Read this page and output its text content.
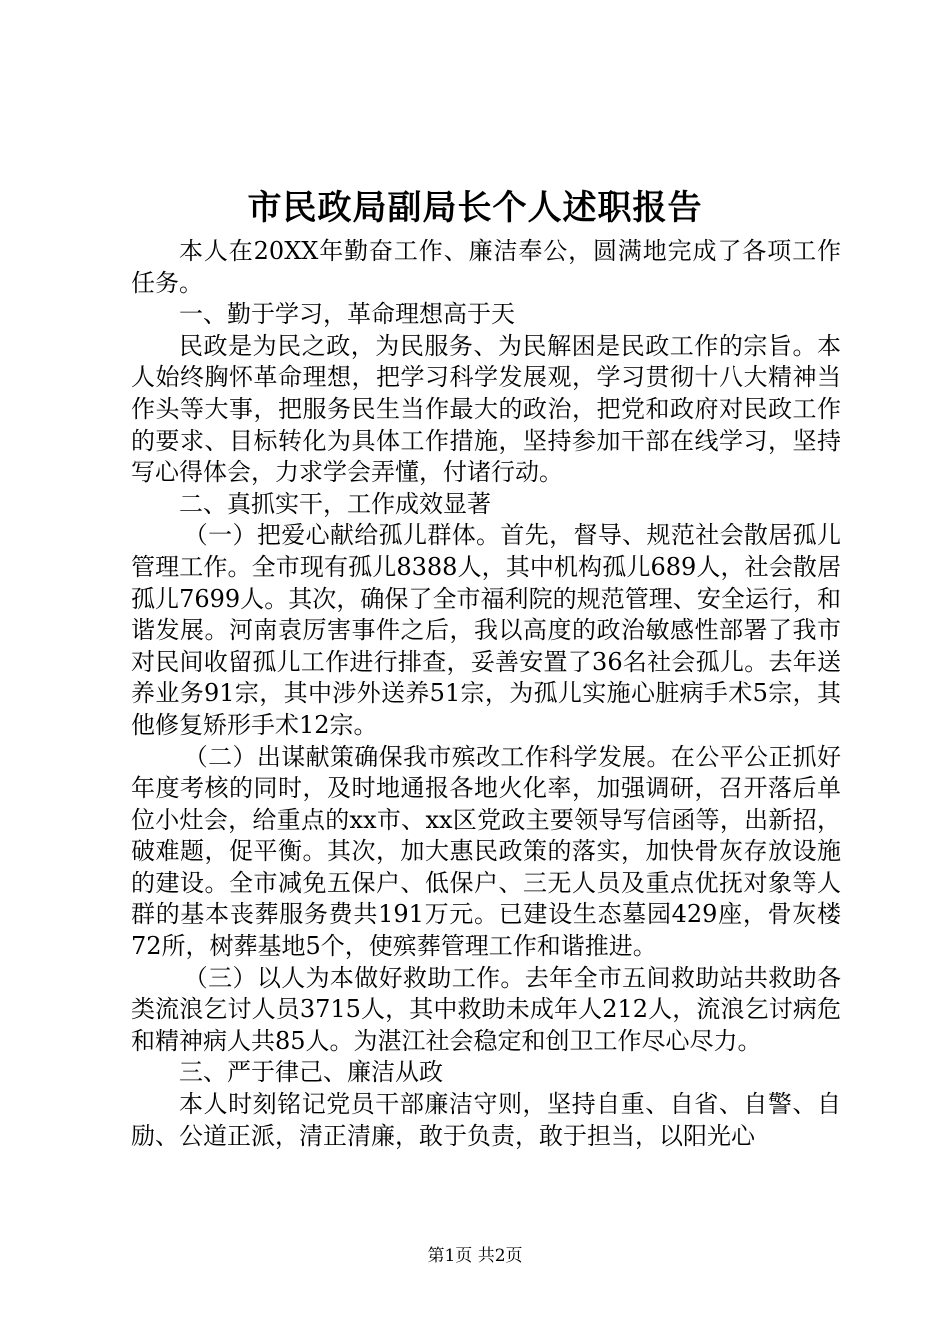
市民政局副局长个人述职报告

本人在20XX年勤奋工作、廉洁奉公，圆满地完成了各项工作任务。

一、勤于学习，革命理想高于天

民政是为民之政，为民服务、为民解困是民政工作的宗旨。本人始终胸怀革命理想，把学习科学发展观，学习贯彻十八大精神当作头等大事，把服务民生当作最大的政治，把党和政府对民政工作的要求、目标转化为具体工作措施，坚持参加干部在线学习，坚持写心得体会，力求学会弄懂，付诸行动。

二、真抓实干，工作成效显著

（一）把爱心献给孤儿群体。首先，督导、规范社会散居孤儿管理工作。全市现有孤儿8388人，其中机构孤儿689人，社会散居孤儿7699人。其次，确保了全市福利院的规范管理、安全运行，和谐发展。河南袁厉害事件之后，我以高度的政治敏感性部署了我市对民间收留孤儿工作进行排查，妥善安置了36名社会孤儿。去年送养业务91宗，其中涉外送养51宗，为孤儿实施心脏病手术5宗，其他修复矫形手术12宗。

（二）出谋献策确保我市殡改工作科学发展。在公平公正抓好年度考核的同时，及时地通报各地火化率，加强调研，召开落后单位小灶会，给重点的xx市、xx区党政主要领导写信函等，出新招，破难题，促平衡。其次，加大惠民政策的落实，加快骨灰存放设施的建设。全市减免五保户、低保户、三无人员及重点优抚对象等人群的基本丧葬服务费共191万元。已建设生态墓园429座，骨灰楼72所，树葬基地5个，使殡葬管理工作和谐推进。

（三）以人为本做好救助工作。去年全市五间救助站共救助各类流浪乞讨人员3715人，其中救助未成年人212人，流浪乞讨病危和精神病人共85人。为湛江社会稳定和创卫工作尽心尽力。

三、严于律己、廉洁从政

本人时刻铭记党员干部廉洁守则，坚持自重、自省、自警、自励、公道正派，清正清廉，敢于负责，敢于担当，以阳光心

第1页 共2页
